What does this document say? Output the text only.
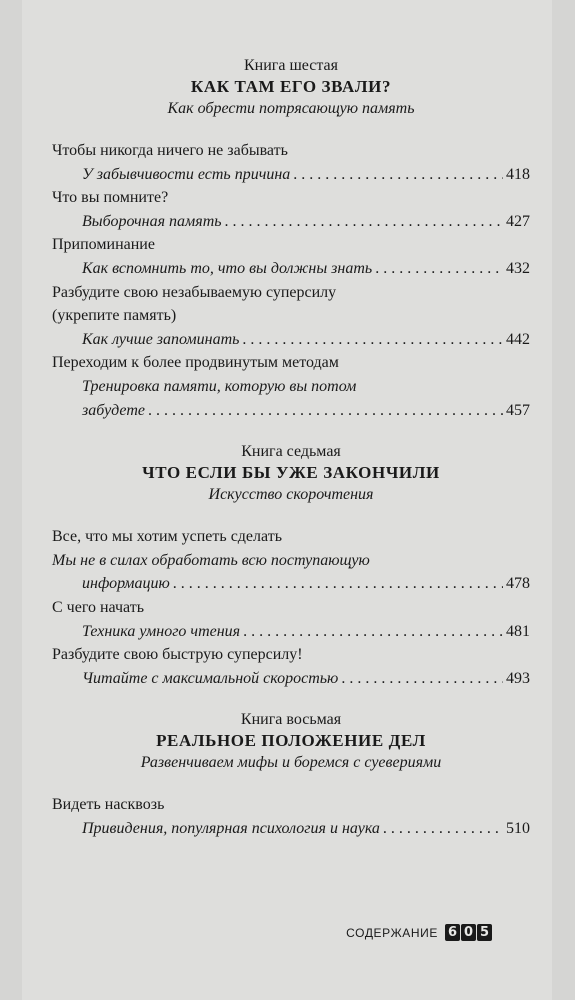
Книга шестая
КАК ТАМ ЕГО ЗВАЛИ?
Как обрести потрясающую память
Чтобы никогда ничего не забывать
У забывчивости есть причина . . .	418
Что вы помните?
Выборочная память . . .	427
Припоминание
Как вспомнить то, что вы должны знать . . .	432
Разбудите свою незабываемую суперсилу
(укрепите память)
Как лучше запоминать . . .	442
Переходим к более продвинутым методам
Тренировка памяти, которую вы потом
забудете . . .	457
Книга седьмая
ЧТО ЕСЛИ БЫ УЖЕ ЗАКОНЧИЛИ
Искусство скорочтения
Все, что мы хотим успеть сделать
Мы не в силах обработать всю поступающую
информацию . . .	478
С чего начать
Техника умного чтения . . .	481
Разбудите свою быструю суперсилу!
Читайте с максимальной скоростью . . .	493
Книга восьмая
РЕАЛЬНОЕ ПОЛОЖЕНИЕ ДЕЛ
Развенчиваем мифы и боремся с суевериями
Видеть насквозь
Привидения, популярная психология и наука . . .	510
СОДЕРЖАНИЕ 6 0 5
